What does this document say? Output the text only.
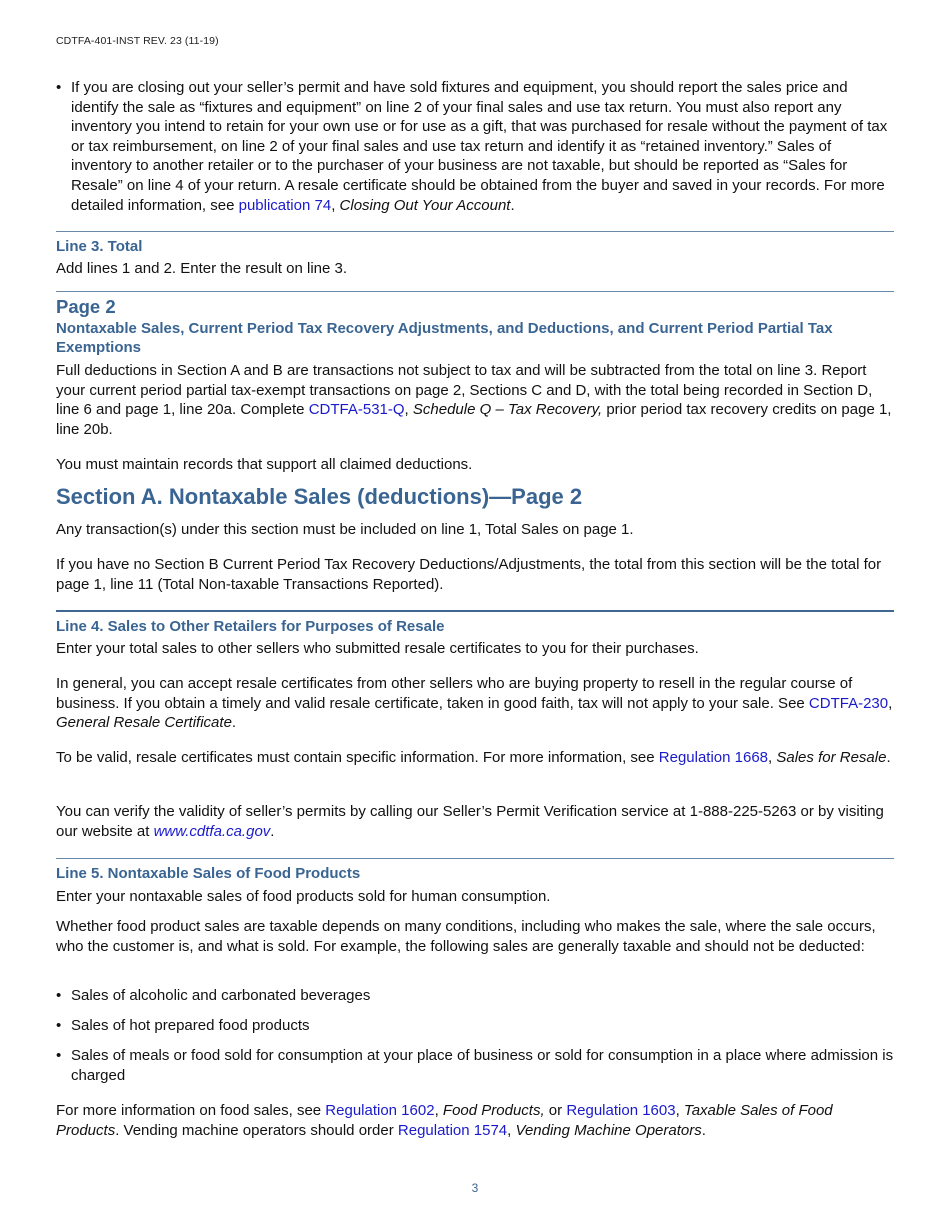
CDTFA-401-INST REV. 23 (11-19)
• If you are closing out your seller’s permit and have sold fixtures and equipment, you should report the sales price and identify the sale as “fixtures and equipment” on line 2 of your final sales and use tax return. You must also report any inventory you intend to retain for your own use or for use as a gift, that was purchased for resale without the payment of tax or tax reimbursement, on line 2 of your final sales and use tax return and identify it as “retained inventory.” Sales of inventory to another retailer or to the purchaser of your business are not taxable, but should be reported as “Sales for Resale” on line 4 of your return. A resale certificate should be obtained from the buyer and saved in your records. For more detailed information, see publication 74, Closing Out Your Account.
Line 3. Total

Add lines 1 and 2. Enter the result on line 3.

Page 2
Nontaxable Sales, Current Period Tax Recovery Adjustments, and Deductions, and Current Period Partial Tax Exemptions

Full deductions in Section A and B are transactions not subject to tax and will be subtracted from the total on line 3. Report your current period partial tax-exempt transactions on page 2, Sections C and D, with the total being recorded in Section D, line 6 and page 1, line 20a. Complete CDTFA-531-Q, Schedule Q – Tax Recovery, prior period tax recovery credits on page 1, line 20b.

You must maintain records that support all claimed deductions.

Section A. Nontaxable Sales (deductions)—Page 2

Any transaction(s) under this section must be included on line 1, Total Sales on page 1.

If you have no Section B Current Period Tax Recovery Deductions/Adjustments, the total from this section will be the total for page 1, line 11 (Total Non-taxable Transactions Reported).

Line 4. Sales to Other Retailers for Purposes of Resale

Enter your total sales to other sellers who submitted resale certificates to you for their purchases.

In general, you can accept resale certificates from other sellers who are buying property to resell in the regular course of business. If you obtain a timely and valid resale certificate, taken in good faith, tax will not apply to your sale. See CDTFA-230, General Resale Certificate.

To be valid, resale certificates must contain specific information. For more information, see Regulation 1668, Sales for Resale.

You can verify the validity of seller’s permits by calling our Seller’s Permit Verification service at 1-888-225-5263 or by visiting our website at www.cdtfa.ca.gov.

Line 5. Nontaxable Sales of Food Products

Enter your nontaxable sales of food products sold for human consumption.

Whether food product sales are taxable depends on many conditions, including who makes the sale, where the sale occurs, who the customer is, and what is sold. For example, the following sales are generally taxable and should not be deducted:

• Sales of alcoholic and carbonated beverages
• Sales of hot prepared food products
• Sales of meals or food sold for consumption at your place of business or sold for consumption in a place where admission is charged

For more information on food sales, see Regulation 1602, Food Products, or Regulation 1603, Taxable Sales of Food Products. Vending machine operators should order Regulation 1574, Vending Machine Operators.

3
